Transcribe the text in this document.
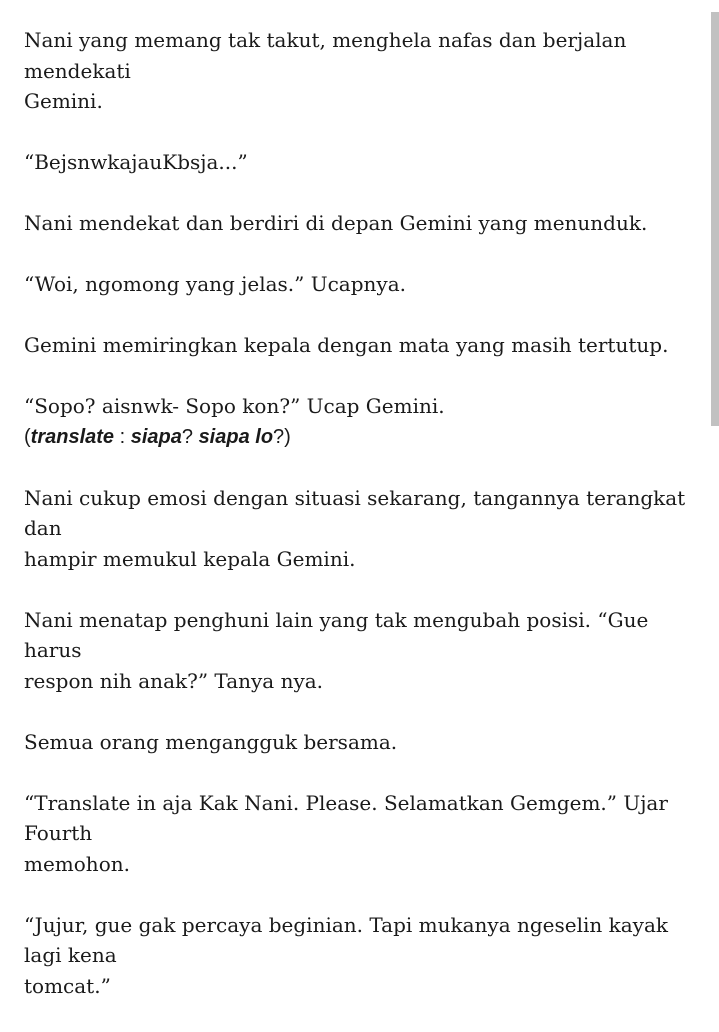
Nani yang memang tak takut, menghela nafas dan berjalan mendekati
Gemini.

“BejsnwkajauKbsja...”

Nani mendekat dan berdiri di depan Gemini yang menunduk.

“Woi, ngomong yang jelas.” Ucapnya.

Gemini memiringkan kepala dengan mata yang masih tertutup.

“Sopo? aisnwk- Sopo kon?” Ucap Gemini.

(translate : siapa? siapa lo?)

Nani cukup emosi dengan situasi sekarang, tangannya terangkat dan
hampir memukul kepala Gemini.

Nani menatap penghuni lain yang tak mengubah posisi. “Gue harus
respon nih anak?” Tanya nya.

Semua orang mengangguk bersama.

“Translate in aja Kak Nani. Please. Selamatkan Gemgem.” Ujar Fourth
memohon.

“Jujur, gue gak percaya beginian. Tapi mukanya ngeselin kayak lagi kena
tomcat.”
